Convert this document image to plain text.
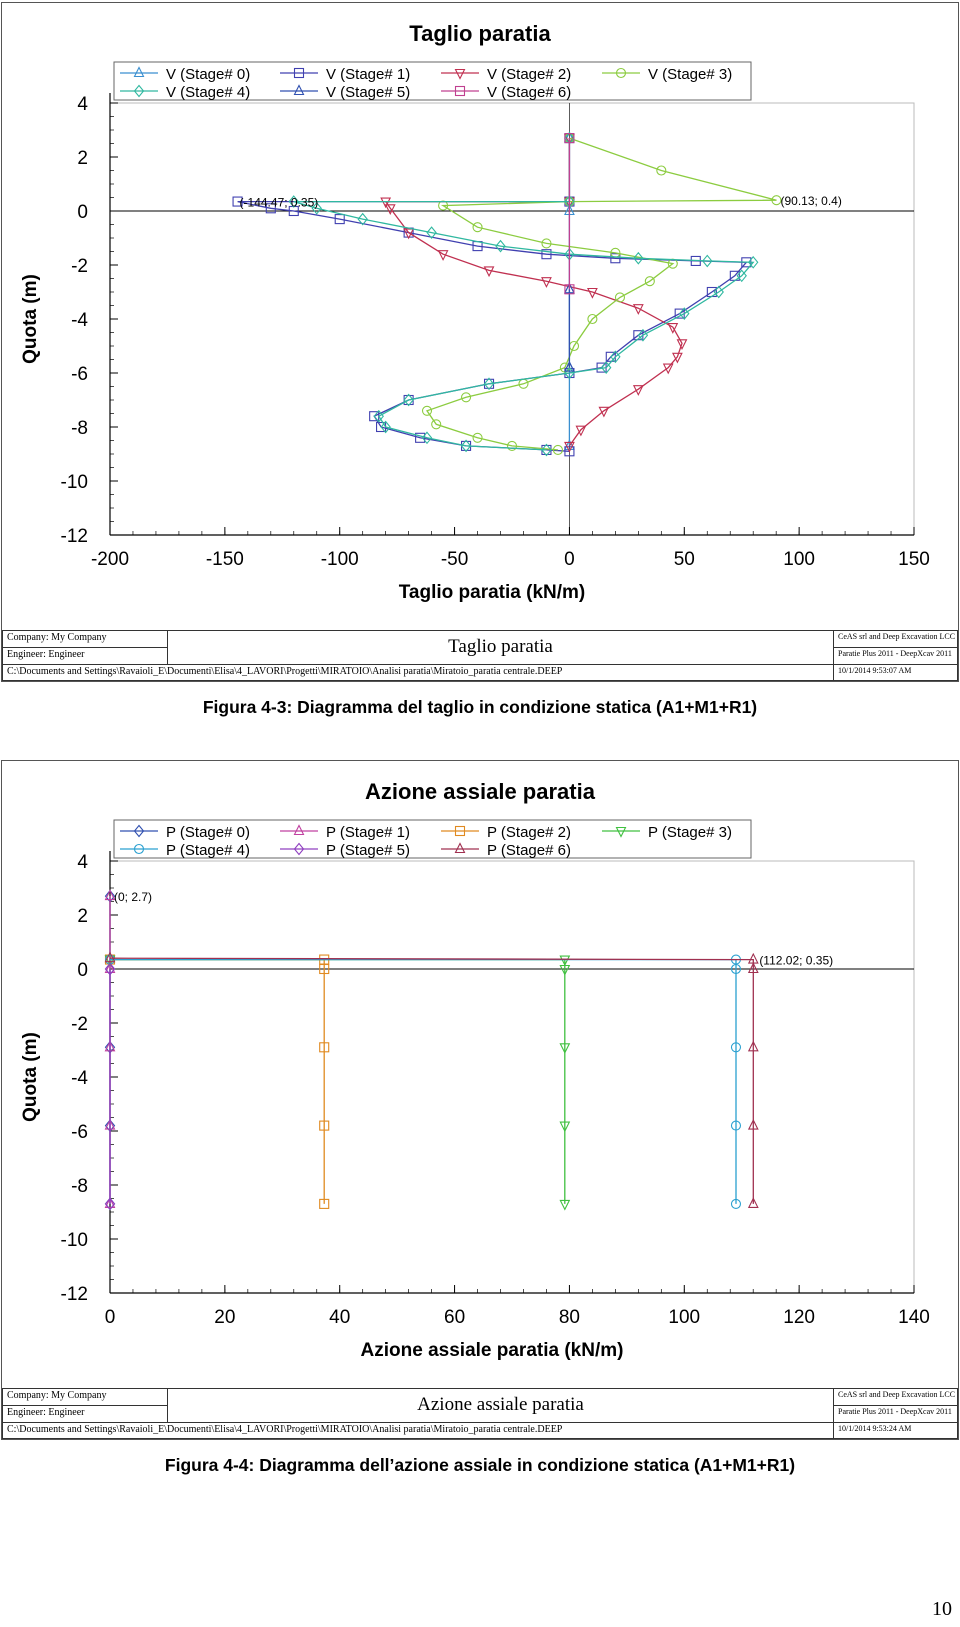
Taglio paratia
-12
-10
-8
-6
-4
-2
0
2
4
-200	-150	-100	-50	0	50	100	150
Taglio paratia (kN/m)
Quota (m)
V (Stage# 0)	V (Stage# 1)	V (Stage# 2)	V (Stage# 3)
V (Stage# 4)	V (Stage# 5)	V (Stage# 6)
(-144.47; 0.35)	(90.13; 0.4)
Company: My Company
Engineer: Engineer	Taglio paratia	CeAS srl and Deep Excavation LCC
Paratie Plus 2011 - DeepXcav 2011
C:\Documents and Settings\Ravaioli_E\Documenti\Elisa\4_LAVORI\Progetti\MIRATOIO\Analisi paratia\Miratoio_paratia centrale.DEEP	10/1/2014 9:53:07 AM
Figura 4-3: Diagramma del taglio in condizione statica (A1+M1+R1)
Azione assiale paratia
-12
-10
-8
-6
-4
-2
0
2
4
0	20	40	60	80	100	120	140
Azione assiale paratia (kN/m)
Quota (m)
P (Stage# 0)	P (Stage# 1)	P (Stage# 2)	P (Stage# 3)
P (Stage# 4)	P (Stage# 5)	P (Stage# 6)
(0; 2.7)
(112.02; 0.35)
Company: My Company
Engineer: Engineer	Azione assiale paratia	CeAS srl and Deep Excavation LCC
Paratie Plus 2011 - DeepXcav 2011
C:\Documents and Settings\Ravaioli_E\Documenti\Elisa\4_LAVORI\Progetti\MIRATOIO\Analisi paratia\Miratoio_paratia centrale.DEEP	10/1/2014 9:53:24 AM
Figura 4-4: Diagramma dell’azione assiale in condizione statica (A1+M1+R1)
10
